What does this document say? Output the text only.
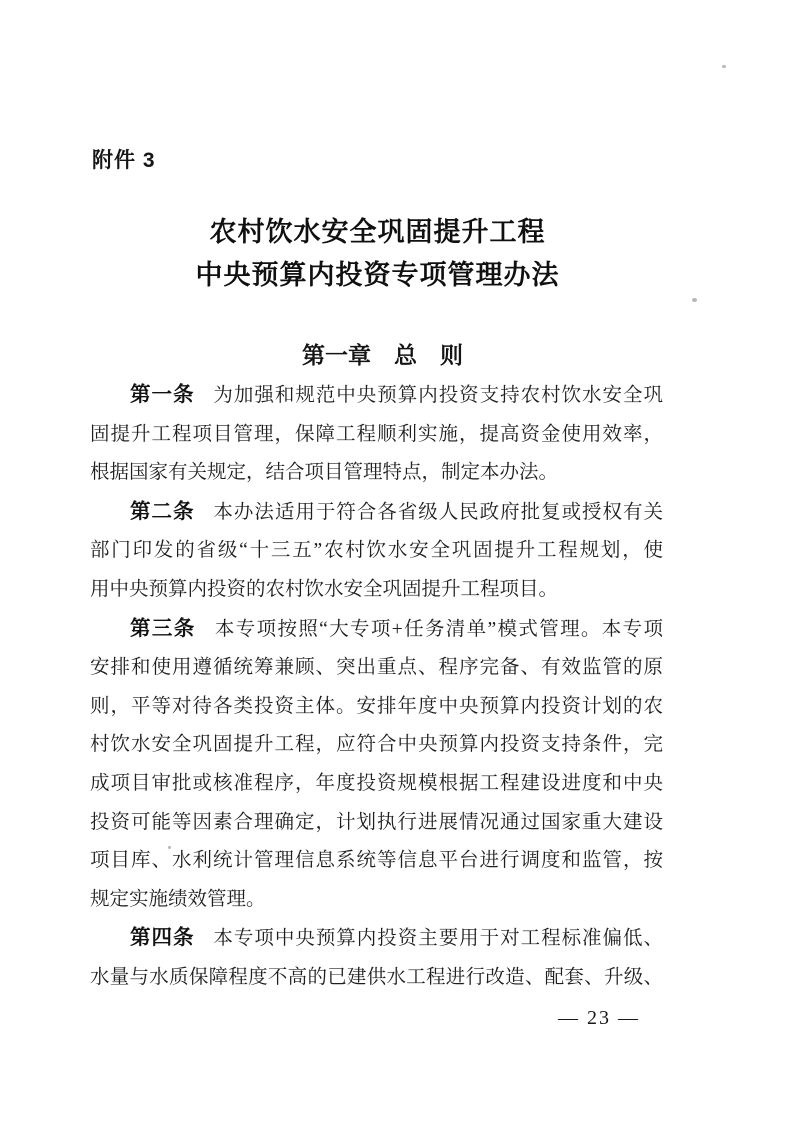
附件 3
农村饮水安全巩固提升工程
中央预算内投资专项管理办法
第一章　总　则
第一条 为加强和规范中央预算内投资支持农村饮水安全巩
固提升工程项目管理，保障工程顺利实施，提高资金使用效率，
根据国家有关规定，结合项目管理特点，制定本办法。
第二条 本办法适用于符合各省级人民政府批复或授权有关
部门印发的省级“十三五”农村饮水安全巩固提升工程规划，使
用中央预算内投资的农村饮水安全巩固提升工程项目。
第三条 本专项按照“大专项+任务清单”模式管理。本专项
安排和使用遵循统筹兼顾、突出重点、程序完备、有效监管的原
则，平等对待各类投资主体。安排年度中央预算内投资计划的农
村饮水安全巩固提升工程，应符合中央预算内投资支持条件，完
成项目审批或核准程序，年度投资规模根据工程建设进度和中央
投资可能等因素合理确定，计划执行进展情况通过国家重大建设
项目库、水利统计管理信息系统等信息平台进行调度和监管，按
规定实施绩效管理。
第四条 本专项中央预算内投资主要用于对工程标准偏低、
水量与水质保障程度不高的已建供水工程进行改造、配套、升级、
— 23 —
